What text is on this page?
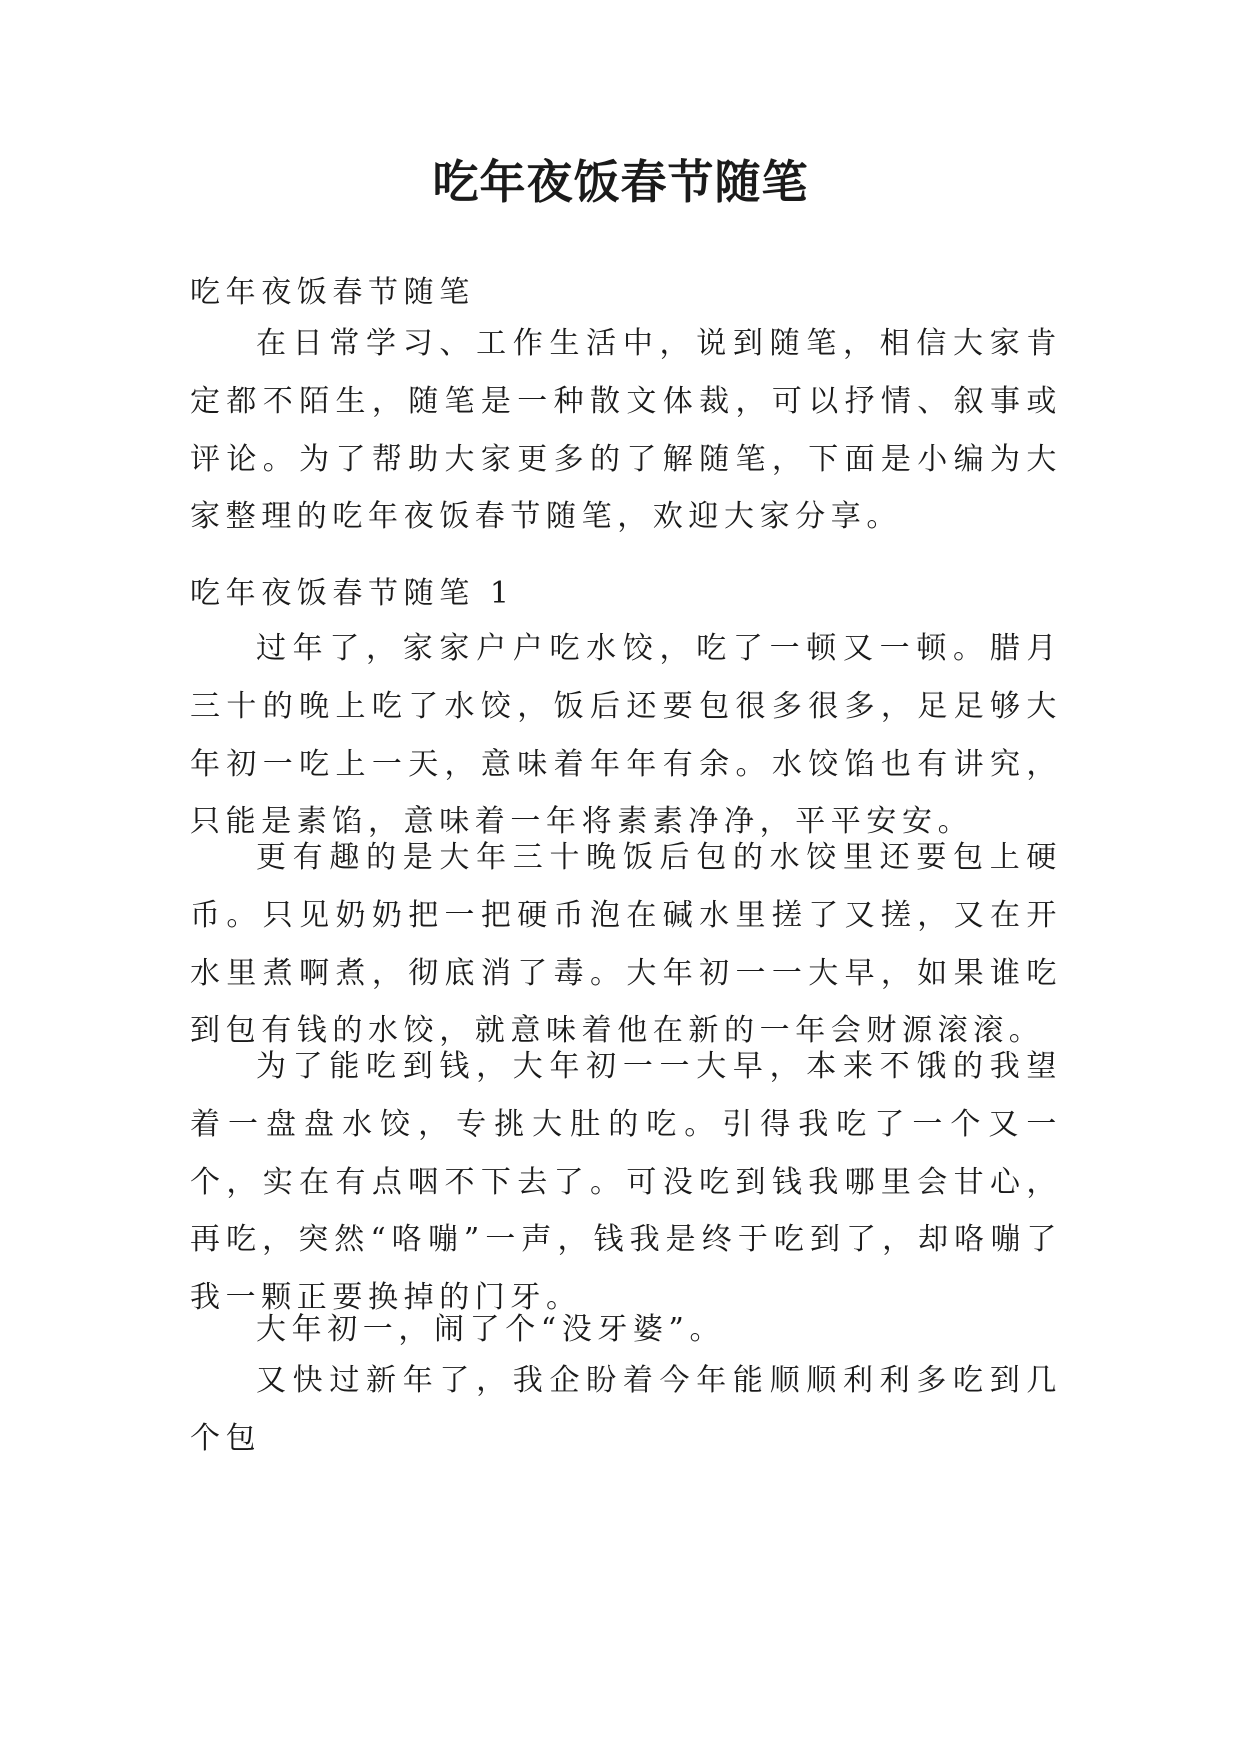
吃年夜饭春节随笔

吃年夜饭春节随笔

在日常学习、工作生活中，说到随笔，相信大家肯定都不陌生，随笔是一种散文体裁，可以抒情、叙事或评论。为了帮助大家更多的了解随笔，下面是小编为大家整理的吃年夜饭春节随笔，欢迎大家分享。

吃年夜饭春节随笔 1

过年了，家家户户吃水饺，吃了一顿又一顿。腊月三十的晚上吃了水饺，饭后还要包很多很多，足足够大年初一吃上一天，意味着年年有余。水饺馅也有讲究，只能是素馅，意味着一年将素素净净，平平安安。

更有趣的是大年三十晚饭后包的水饺里还要包上硬币。只见奶奶把一把硬币泡在碱水里搓了又搓，又在开水里煮啊煮，彻底消了毒。大年初一一大早，如果谁吃到包有钱的水饺，就意味着他在新的一年会财源滚滚。

为了能吃到钱，大年初一一大早，本来不饿的我望着一盘盘水饺，专挑大肚的吃。引得我吃了一个又一个，实在有点咽不下去了。可没吃到钱我哪里会甘心，再吃，突然“咯嘣”一声，钱我是终于吃到了，却咯嘣了我一颗正要换掉的门牙。

大年初一，闹了个“没牙婆”。

又快过新年了，我企盼着今年能顺顺利利多吃到几个包
